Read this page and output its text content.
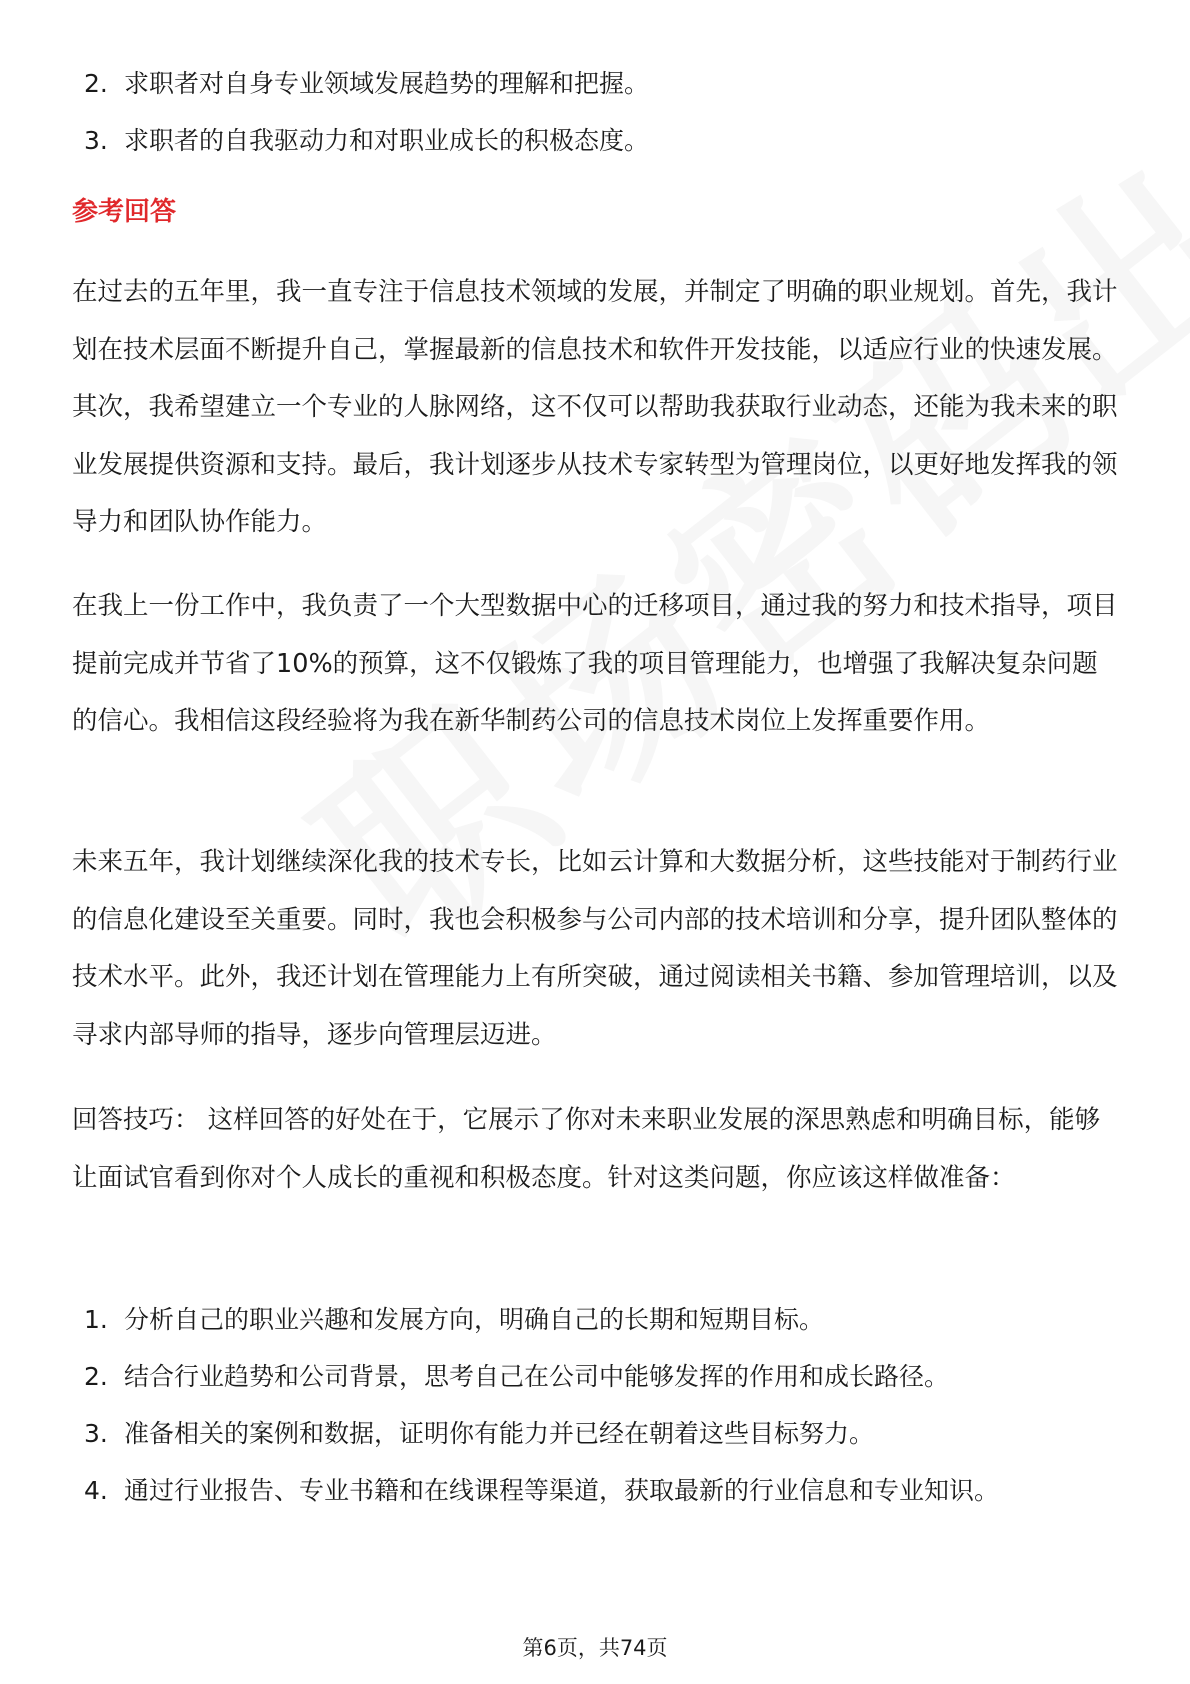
2. 求职者对自身专业领域发展趋势的理解和把握。
3. 求职者的自我驱动力和对职业成长的积极态度。
参考回答

在过去的五年里，我一直专注于信息技术领域的发展，并制定了明确的职业规划。首先，我计划在技术层面不断提升自己，掌握最新的信息技术和软件开发技能，以适应行业的快速发展。其次，我希望建立一个专业的人脉网络，这不仅可以帮助我获取行业动态，还能为我未来的职业发展提供资源和支持。最后，我计划逐步从技术专家转型为管理岗位，以更好地发挥我的领导力和团队协作能力。

在我上一份工作中，我负责了一个大型数据中心的迁移项目，通过我的努力和技术指导，项目提前完成并节省了10%的预算，这不仅锻炼了我的项目管理能力，也增强了我解决复杂问题的信心。我相信这段经验将为我在新华制药公司的信息技术岗位上发挥重要作用。

未来五年，我计划继续深化我的技术专长，比如云计算和大数据分析，这些技能对于制药行业的信息化建设至关重要。同时，我也会积极参与公司内部的技术培训和分享，提升团队整体的技术水平。此外，我还计划在管理能力上有所突破，通过阅读相关书籍、参加管理培训，以及寻求内部导师的指导，逐步向管理层迈进。

回答技巧： 这样回答的好处在于，它展示了你对未来职业发展的深思熟虑和明确目标，能够让面试官看到你对个人成长的重视和积极态度。针对这类问题，你应该这样做准备：

1. 分析自己的职业兴趣和发展方向，明确自己的长期和短期目标。
2. 结合行业趋势和公司背景，思考自己在公司中能够发挥的作用和成长路径。
3. 准备相关的案例和数据，证明你有能力并已经在朝着这些目标努力。
4. 通过行业报告、专业书籍和在线课程等渠道，获取最新的行业信息和专业知识。
第6页，共74页
